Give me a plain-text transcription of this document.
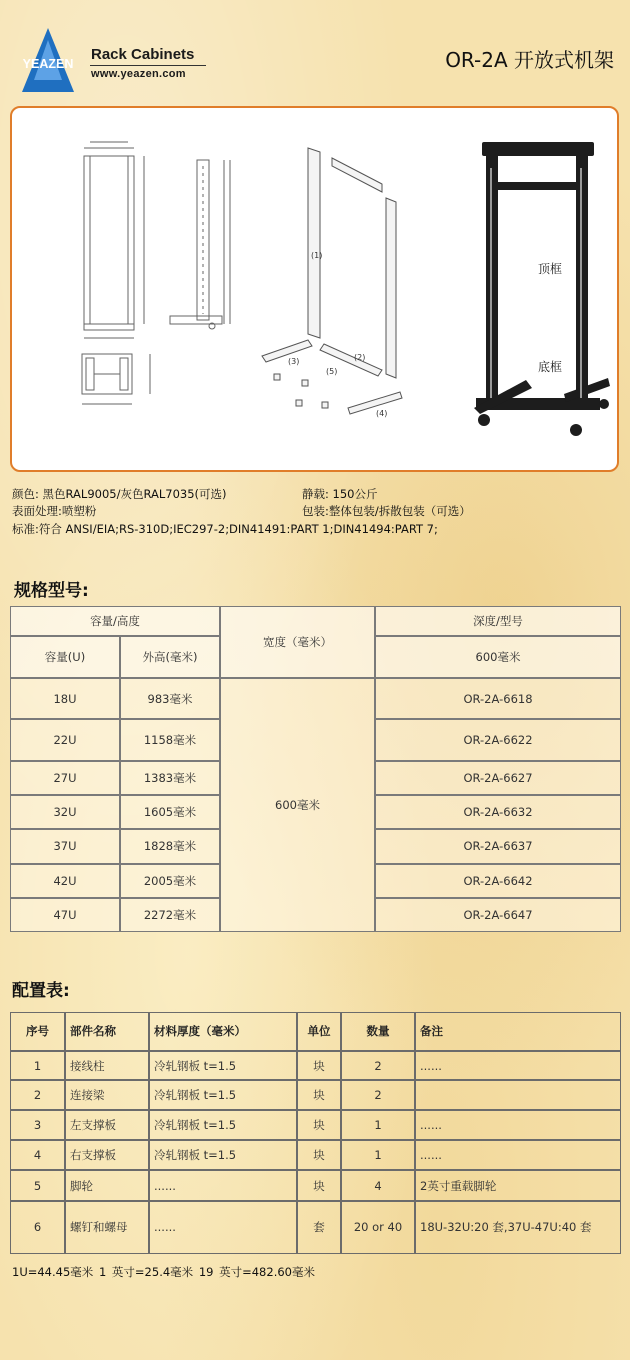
YEAZEN
Rack Cabinets
www.yeazen.com
OR-2A 开放式机架
(1)
(2)
(3)
(4)
(5)
顶框
底框
颜色: 黑色RAL9005/灰色RAL7035(可选)	静载: 150公斤
表面处理:喷塑粉	包装:整体包装/拆散包装（可选）
标准:符合 ANSI/EIA;RS-310D;IEC297-2;DIN41491:PART 1;DIN41494:PART 7;
规格型号:
容量/高度		宽度（毫米）	深度/型号
容量(U)	外高(毫米)		600毫米
18U	983毫米	600毫米	OR-2A-6618
22U	1158毫米		OR-2A-6622
27U	1383毫米		OR-2A-6627
32U	1605毫米		OR-2A-6632
37U	1828毫米		OR-2A-6637
42U	2005毫米		OR-2A-6642
47U	2272毫米		OR-2A-6647
配置表:
序号	部件名称	材料厚度（毫米）	单位	数量	备注
1	接线柱	冷轧钢板 t=1.5	块	2	......
2	连接梁	冷轧钢板 t=1.5	块	2	
3	左支撑板	冷轧钢板 t=1.5	块	1	......
4	右支撑板	冷轧钢板 t=1.5	块	1	......
5	脚轮	......	块	4	2英寸重载脚轮
6	螺钉和螺母	......	套	20 or 40	18U-32U:20 套,37U-47U:40 套
1U=44.45毫米 1 英寸=25.4毫米 19 英寸=482.60毫米
